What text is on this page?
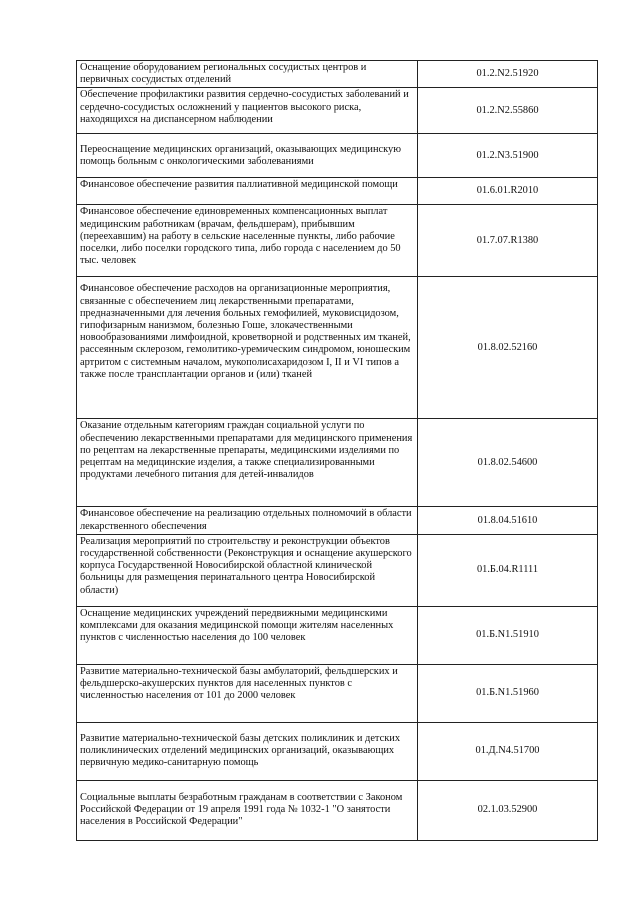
Оснащение оборудованием региональных сосудистых центров и первичных сосудистых отделений	01.2.N2.51920

Обеспечение профилактики развития сердечно-сосудистых заболеваний и сердечно-сосудистых осложнений у пациентов высокого риска, находящихся на диспансерном наблюдении	01.2.N2.55860

Переоснащение медицинских организаций, оказывающих медицинскую помощь больным с онкологическими заболеваниями	01.2.N3.51900

Финансовое обеспечение развития паллиативной медицинской помощи	01.6.01.R2010

Финансовое обеспечение единовременных компенсационных выплат медицинским работникам (врачам, фельдшерам), прибывшим (переехавшим) на работу в сельские населенные пункты, либо рабочие поселки, либо поселки городского типа, либо города с населением до 50 тыс. человек	01.7.07.R1380

Финансовое обеспечение расходов на организационные мероприятия, связанные с обеспечением лиц лекарственными препаратами, предназначенными для лечения больных гемофилией, муковисцидозом, гипофизарным нанизмом, болезнью Гоше, злокачественными новообразованиями лимфоидной, кроветворной и родственных им тканей, рассеянным склерозом, гемолитико-уремическим синдромом, юношеским артритом с системным началом, мукополисахаридозом I, II и VI типов а также после трансплантации органов и (или) тканей	01.8.02.52160

Оказание отдельным категориям граждан социальной услуги по обеспечению лекарственными препаратами для медицинского применения по рецептам на лекарственные препараты, медицинскими изделиями по рецептам на медицинские изделия, а также специализированными продуктами лечебного питания для детей-инвалидов	01.8.02.54600

Финансовое обеспечение на реализацию отдельных полномочий в области лекарственного обеспечения	01.8.04.51610

Реализация мероприятий по строительству и реконструкции объектов государственной собственности (Реконструкция и оснащение акушерского корпуса Государственной Новосибирской областной клинической больницы для размещения перинатального центра Новосибирской области)	01.Б.04.R1111

Оснащение медицинских учреждений передвижными медицинскими комплексами для оказания медицинской помощи жителям населенных пунктов с численностью населения до 100 человек	01.Б.N1.51910

Развитие материально-технической базы амбулаторий, фельдшерских и фельдшерско-акушерских пунктов для населенных пунктов с численностью населения от 101 до 2000 человек	01.Б.N1.51960

Развитие материально-технической базы детских поликлиник и детских поликлинических отделений медицинских организаций, оказывающих первичную медико-санитарную помощь	01.Д.N4.51700

Социальные выплаты безработным гражданам в соответствии с Законом Российской Федерации от 19 апреля 1991 года № 1032-1 "О занятости населения в Российской Федерации"	02.1.03.52900
